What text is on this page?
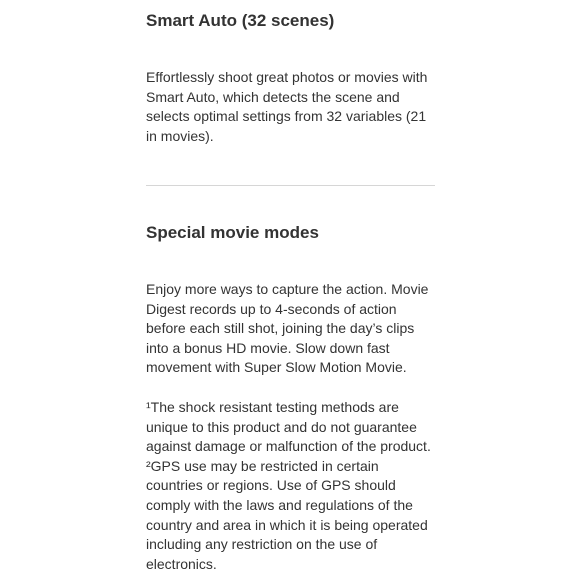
Smart Auto (32 scenes)

Effortlessly shoot great photos or movies with Smart Auto, which detects the scene and selects optimal settings from 32 variables (21 in movies).

Special movie modes

Enjoy more ways to capture the action. Movie Digest records up to 4-seconds of action before each still shot, joining the day’s clips into a bonus HD movie. Slow down fast movement with Super Slow Motion Movie.

¹The shock resistant testing methods are unique to this product and do not guarantee against damage or malfunction of the product. ²GPS use may be restricted in certain countries or regions. Use of GPS should comply with the laws and regulations of the country and area in which it is being operated including any restriction on the use of electronics.
